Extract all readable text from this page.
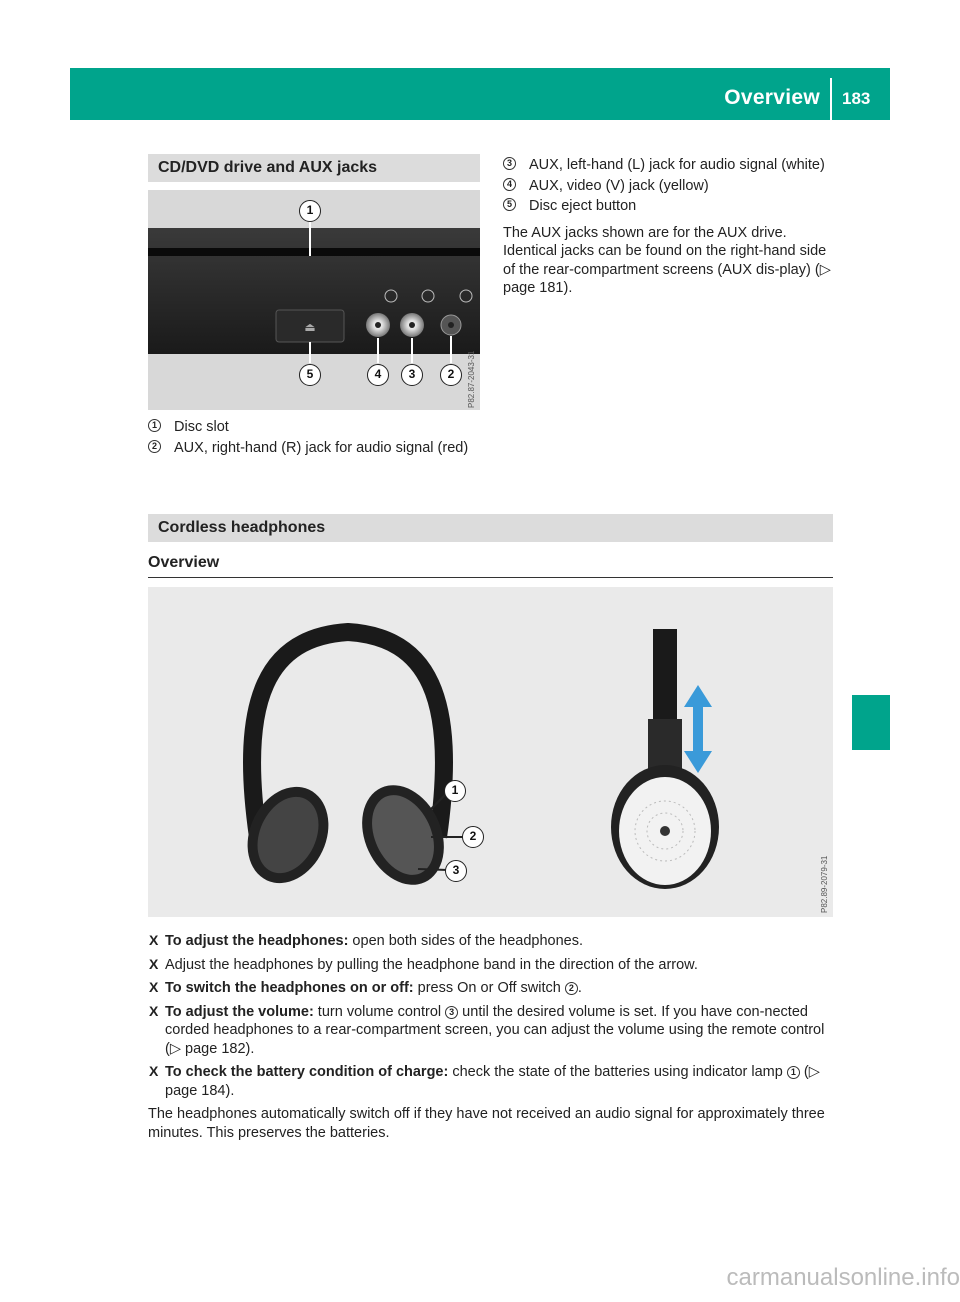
Overview 183
CD/DVD drive and AUX jacks
⏏
P82.87-2043-31
1
5	4	3	2
1 Disc slot
2 AUX, right-hand (R) jack for audio signal (red)
3 AUX, left-hand (L) jack for audio signal (white)
4 AUX, video (V) jack (yellow)
5 Disc eject button

The AUX jacks shown are for the AUX drive. Identical jacks can be found on the right-hand side of the rear-compartment screens (AUX dis-play) (▷ page 181).

Cordless headphones
Overview
P82.89-2079-31
1
2
3
X To adjust the headphones: open both sides of the headphones.
X Adjust the headphones by pulling the headphone band in the direction of the arrow.
X To switch the headphones on or off: press On or Off switch 2 .
X To adjust the volume: turn volume control 3 until the desired volume is set. If you have con-nected corded headphones to a rear-compartment screen, you can adjust the volume using the remote control (▷ page 182).
X To check the battery condition of charge: check the state of the batteries using indicator lamp 1 (▷ page 184).

The headphones automatically switch off if they have not received an audio signal for approximately three minutes. This preserves the batteries.

carmanualsonline.info
